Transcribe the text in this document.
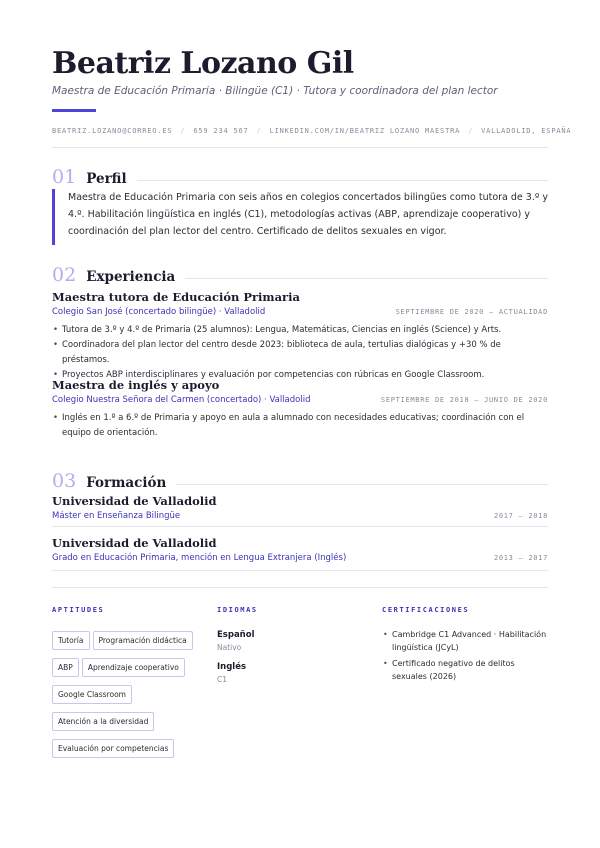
Beatriz Lozano Gil
Maestra de Educación Primaria · Bilingüe (C1) · Tutora y coordinadora del plan lector
BEATRIZ.LOZANO@CORREO.ES / 659 234 567 / LINKEDIN.COM/IN/BEATRIZ LOZANO MAESTRA / VALLADOLID, ESPAÑA
01 Perfil

Maestra de Educación Primaria con seis años en colegios concertados bilingües como tutora de 3.º y 4.º. Habilitación lingüística en inglés (C1), metodologías activas (ABP, aprendizaje cooperativo) y coordinación del plan lector del centro. Certificado de delitos sexuales en vigor.

02 Experiencia
Maestra tutora de Educación Primaria
Colegio San José (concertado bilingüe) · Valladolid	SEPTIEMBRE DE 2020 – ACTUALIDAD
• Tutora de 3.º y 4.º de Primaria (25 alumnos): Lengua, Matemáticas, Ciencias en inglés (Science) y Arts.
• Coordinadora del plan lector del centro desde 2023: biblioteca de aula, tertulias dialógicas y +30 % de préstamos.
• Proyectos ABP interdisciplinares y evaluación por competencias con rúbricas en Google Classroom.
Maestra de inglés y apoyo
Colegio Nuestra Señora del Carmen (concertado) · Valladolid	SEPTIEMBRE DE 2018 – JUNIO DE 2020
• Inglés en 1.º a 6.º de Primaria y apoyo en aula a alumnado con necesidades educativas; coordinación con el equipo de orientación.
03 Formación
Universidad de Valladolid
Máster en Enseñanza Bilingüe	2017 – 2018
Universidad de Valladolid
Grado en Educación Primaria, mención en Lengua Extranjera (Inglés)	2013 – 2017
APTITUDES
Tutoría Programación didáctica
ABP Aprendizaje cooperativo
Google Classroom
Atención a la diversidad
Evaluación por competencias
IDIOMAS
Español
Nativo
Inglés
C1
CERTIFICACIONES
• Cambridge C1 Advanced · Habilitación lingüística (JCyL)
• Certificado negativo de delitos sexuales (2026)
